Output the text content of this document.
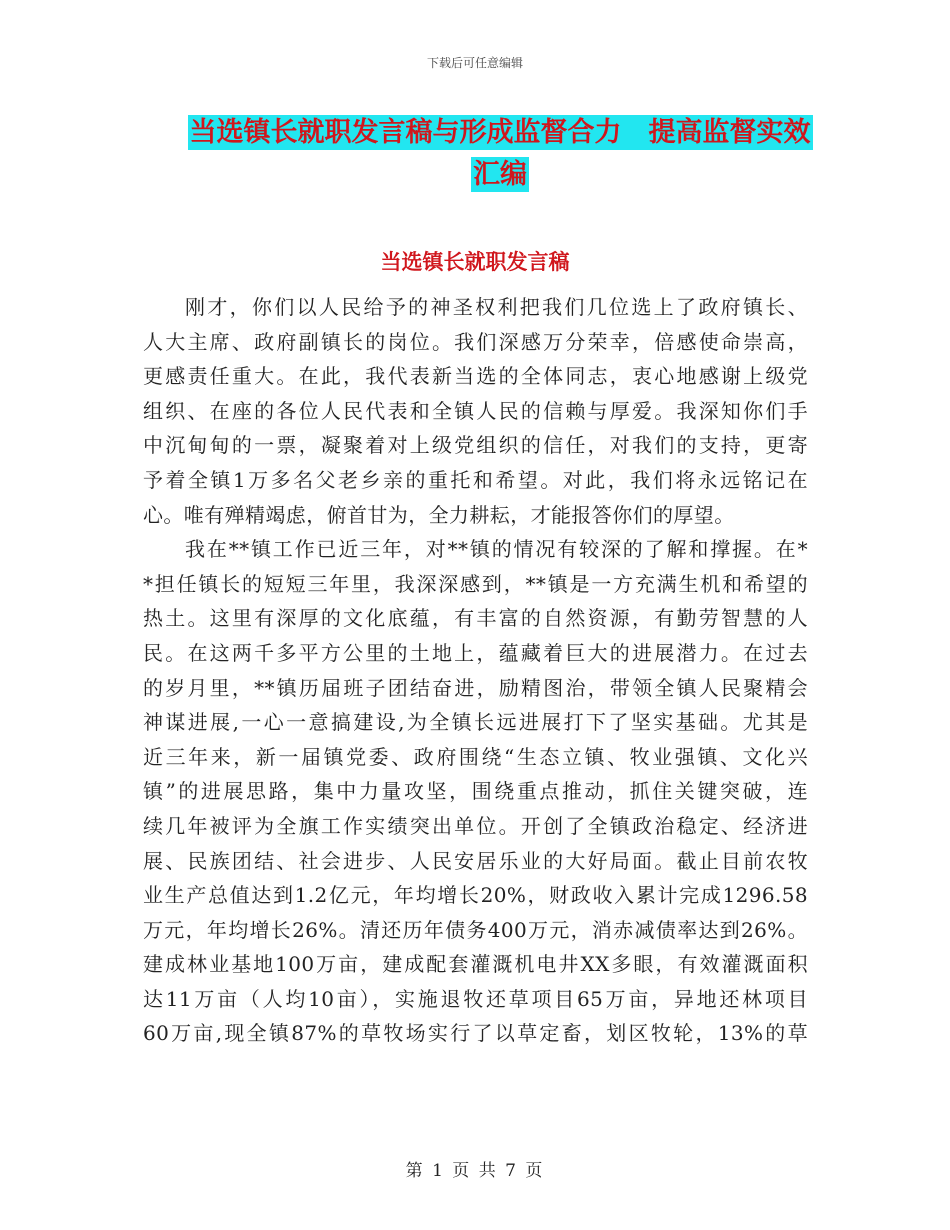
下载后可任意编辑
当选镇长就职发言稿与形成监督合力　提高监督实效
汇编
当选镇长就职发言稿
刚才，你们以人民给予的神圣权利把我们几位选上了政府镇长、
人大主席、政府副镇长的岗位。我们深感万分荣幸，倍感使命崇高，
更感责任重大。在此，我代表新当选的全体同志，衷心地感谢上级党
组织、在座的各位人民代表和全镇人民的信赖与厚爱。我深知你们手
中沉甸甸的一票，凝聚着对上级党组织的信任，对我们的支持，更寄
予着全镇1万多名父老乡亲的重托和希望。对此，我们将永远铭记在
心。唯有殚精竭虑，俯首甘为，全力耕耘，才能报答你们的厚望。
我在**镇工作已近三年，对**镇的情况有较深的了解和撑握。在*
*担任镇长的短短三年里，我深深感到，**镇是一方充满生机和希望的
热土。这里有深厚的文化底蕴，有丰富的自然资源，有勤劳智慧的人
民。在这两千多平方公里的土地上，蕴藏着巨大的进展潜力。在过去
的岁月里，**镇历届班子团结奋进，励精图治，带领全镇人民聚精会
神谋进展,一心一意搞建设,为全镇长远进展打下了坚实基础。尤其是
近三年来，新一届镇党委、政府围绕“生态立镇、牧业强镇、文化兴
镇”的进展思路，集中力量攻坚，围绕重点推动，抓住关键突破，连
续几年被评为全旗工作实绩突出单位。开创了全镇政治稳定、经济进
展、民族团结、社会进步、人民安居乐业的大好局面。截止目前农牧
业生产总值达到1.2亿元，年均增长20%，财政收入累计完成1296.58
万元，年均增长26%。清还历年债务400万元，消赤减债率达到26%。
建成林业基地100万亩，建成配套灌溉机电井XX多眼，有效灌溉面积
达11万亩（人均10亩），实施退牧还草项目65万亩，异地还林项目
60万亩,现全镇87%的草牧场实行了以草定畜，划区牧轮，13%的草
第 1 页 共 7 页
